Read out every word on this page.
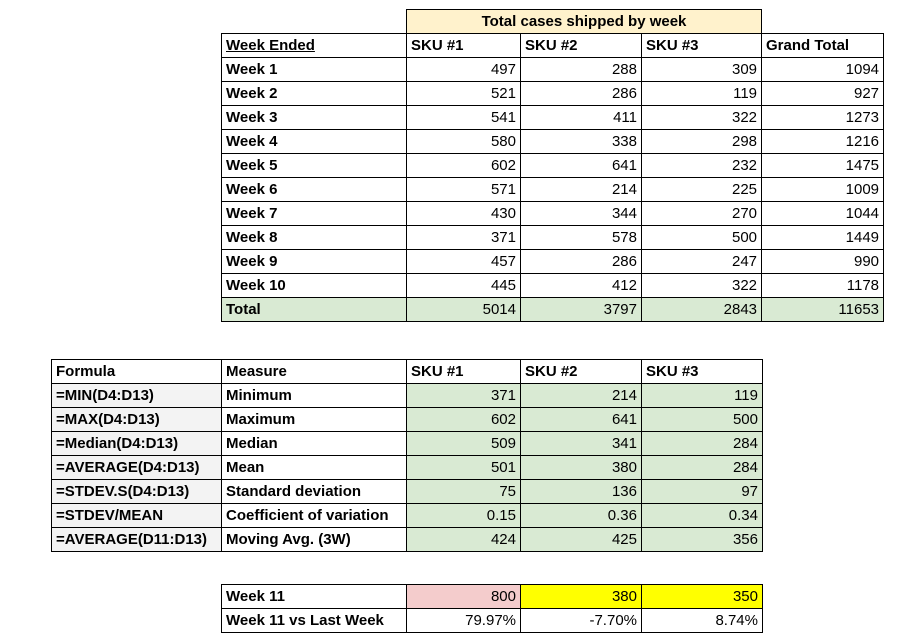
	Total cases shipped by week			
Week Ended	SKU #1	SKU #2	SKU #3	Grand Total
Week 1	497	288	309	1094
Week 2	521	286	119	927
Week 3	541	411	322	1273
Week 4	580	338	298	1216
Week 5	602	641	232	1475
Week 6	571	214	225	1009
Week 7	430	344	270	1044
Week 8	371	578	500	1449
Week 9	457	286	247	990
Week 10	445	412	322	1178
Total	5014	3797	2843	11653
Formula	Measure	SKU #1	SKU #2	SKU #3
=MIN(D4:D13)	Minimum	371	214	119
=MAX(D4:D13)	Maximum	602	641	500
=Median(D4:D13)	Median	509	341	284
=AVERAGE(D4:D13)	Mean	501	380	284
=STDEV.S(D4:D13)	Standard deviation	75	136	97
=STDEV/MEAN	Coefficient of variation	0.15	0.36	0.34
=AVERAGE(D11:D13)	Moving Avg. (3W)	424	425	356
Week 11	800	380	350
Week 11 vs Last Week	79.97%	-7.70%	8.74%
